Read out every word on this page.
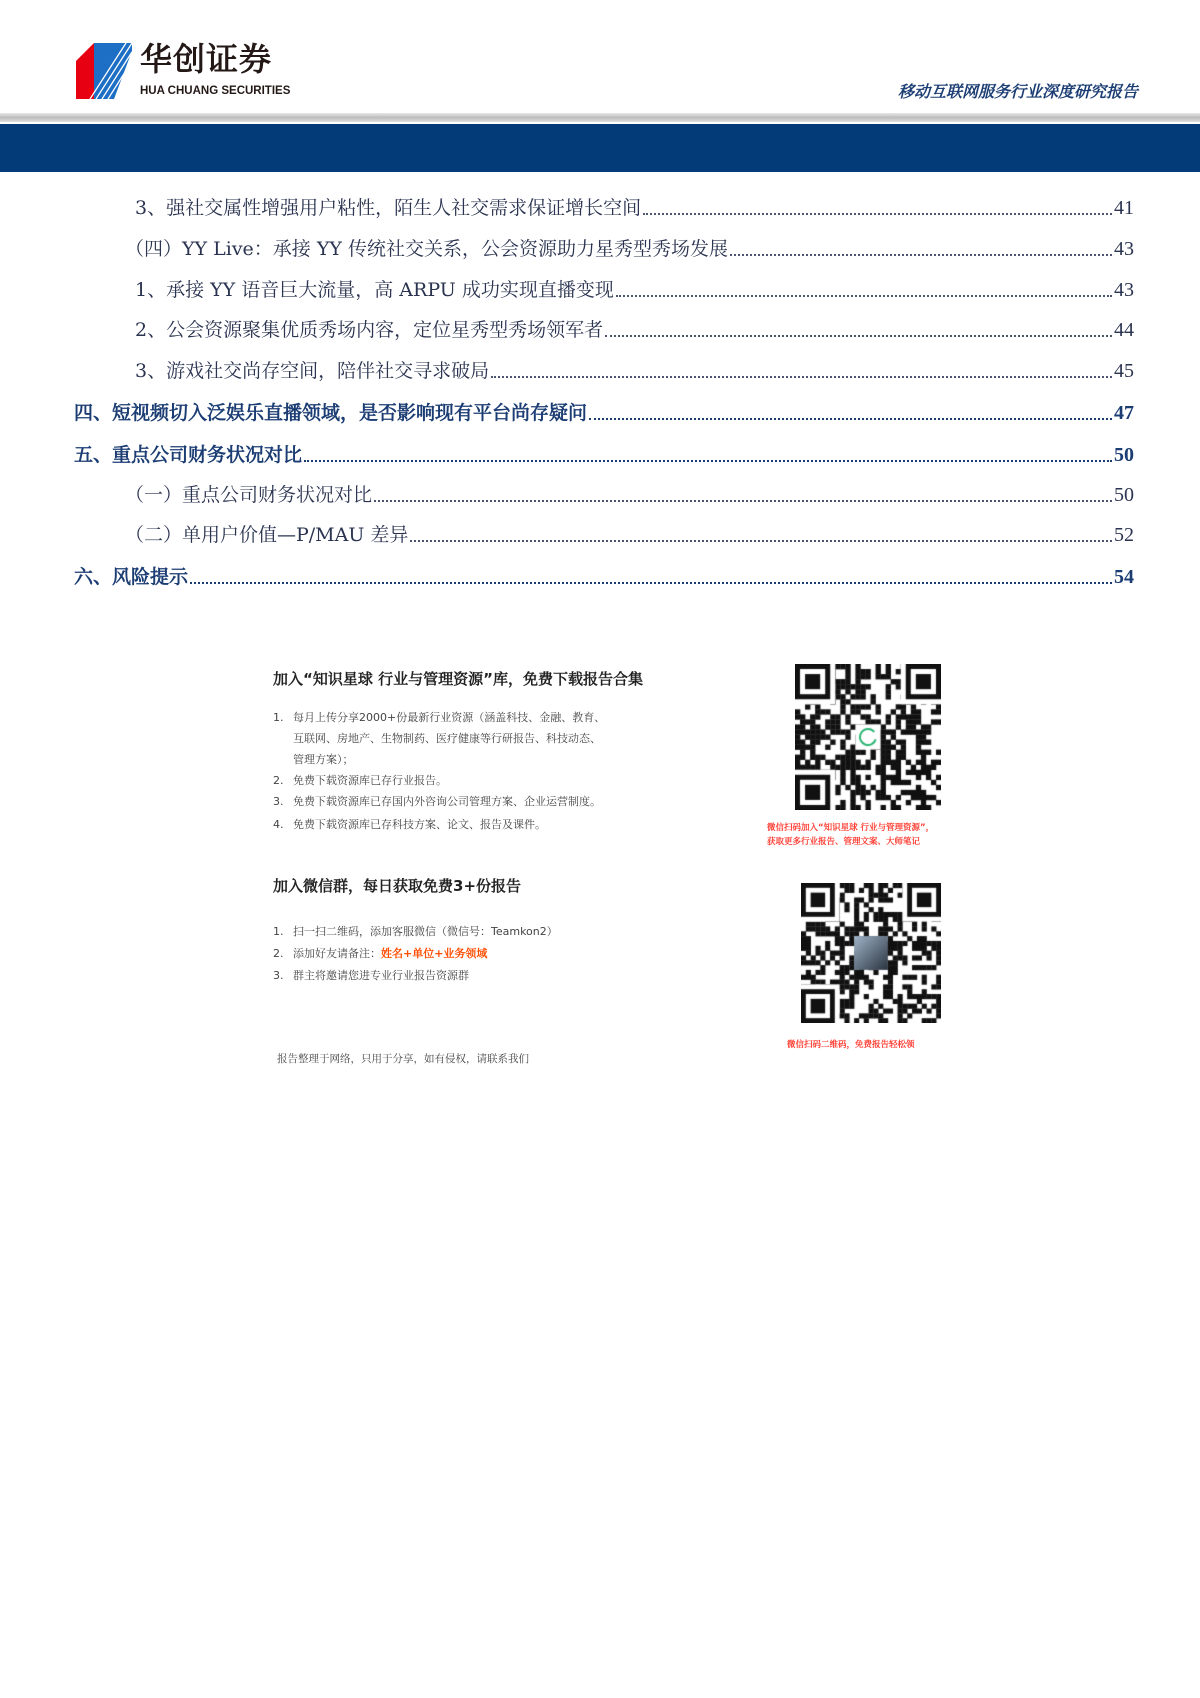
华创证券
HUA CHUANG SECURITIES	移动互联网服务行业深度研究报告
3、强社交属性增强用户粘性，陌生人社交需求保证增长空间	41
（四）YY Live：承接 YY 传统社交关系，公会资源助力星秀型秀场发展	43
1、承接 YY 语音巨大流量，高 ARPU 成功实现直播变现	43
2、公会资源聚集优质秀场内容，定位星秀型秀场领军者	44
3、游戏社交尚存空间，陪伴社交寻求破局	45
四、短视频切入泛娱乐直播领域，是否影响现有平台尚存疑问	47
五、重点公司财务状况对比	50
（一）重点公司财务状况对比	50
（二）单用户价值—P/MAU 差异	52
六、风险提示	54
加入“知识星球 行业与管理资源”库，免费下载报告合集
1. 每月上传分享2000+份最新行业资源（涵盖科技、金融、教育、
互联网、房地产、生物制药、医疗健康等行研报告、科技动态、
管理方案）；
2. 免费下载资源库已存行业报告。
3. 免费下载资源库已存国内外咨询公司管理方案、企业运营制度。
4. 免费下载资源库已存科技方案、论文、报告及课件。	微信扫码加入“知识星球 行业与管理资源”，
获取更多行业报告、管理文案、大师笔记
加入微信群，每日获取免费3+份报告
1. 扫一扫二维码，添加客服微信（微信号：Teamkon2）
2. 添加好友请备注： 姓名+单位+业务领域
3. 群主将邀请您进专业行业报告资源群
微信扫码二维码，免费报告轻松领
报告整理于网络，只用于分享，如有侵权，请联系我们
